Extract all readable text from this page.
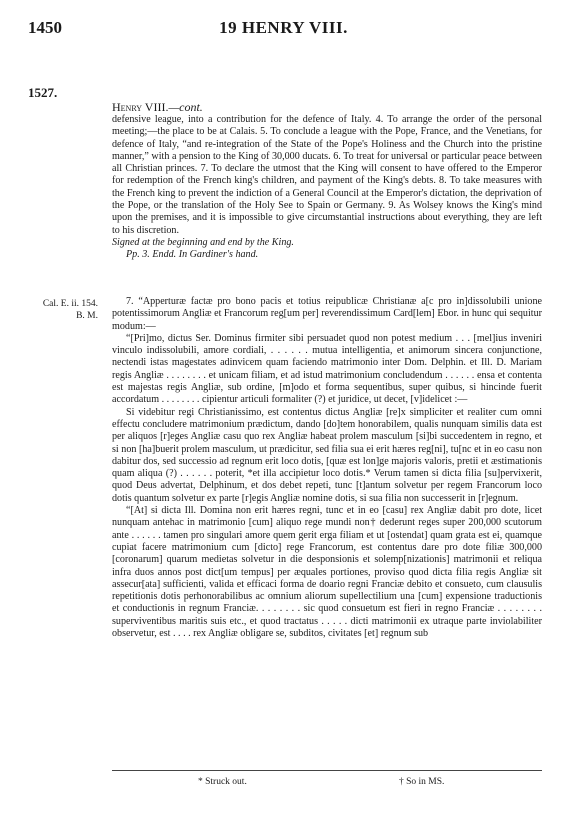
1450	19 HENRY VIII.
1527.
Henry VIII.—cont.

defensive league, into a contribution for the defence of Italy. 4. To arrange the order of the personal meeting;—the place to be at Calais. 5. To conclude a league with the Pope, France, and the Venetians, for defence of Italy, “and re-integration of the State of the Pope's Holiness and the Church into the pristine manner,” with a pension to the King of 30,000 ducats. 6. To treat for universal or particular peace between all Christian princes. 7. To declare the utmost that the King will consent to have offered to the Emperor for redemption of the French king's children, and payment of the King's debts. 8. To take measures with the French king to prevent the indiction of a General Council at the Emperor's dictation, the deprivation of the Pope, or the translation of the Holy See to Spain or Germany. 9. As Wolsey knows the King's mind upon the premises, and it is impossible to give circumstantial instructions about everything, they are left to his discretion.

Signed at the beginning and end by the King.

Pp. 3. Endd. In Gardiner's hand.

Cal. E. ii. 154.
B. M.

7. “Apperturæ factæ pro bono pacis et totius reipublicæ Christianæ a[c pro in]dissolubili unione potentissimorum Angliæ et Francorum reg[um per] reverendissimum Card[lem] Ebor. in hunc qui sequitur modum:—

“[Pri]mo, dictus Ser. Dominus firmiter sibi persuadet quod non potest medium . . . [mel]ius inveniri vinculo indissolubili, amore cordiali, . . . . . . mutua intelligentia, et animorum sincera conjunctione, nectendi istas magestates adinvicem quam faciendo matrimonio inter Dom. Delphin. et Ill. D. Mariam regis Angliæ . . . . . . . . et unicam filiam, et ad istud matrimonium concludendum . . . . . . ensa et contenta est majestas regis Angliæ, sub ordine, [m]odo et forma sequentibus, super quibus, si hincinde fuerit accordatum . . . . . . . . cipientur articuli formaliter (?) et juridice, ut decet, [v]idelicet :—

Si videbitur regi Christianissimo, est contentus dictus Angliæ [re]x simpliciter et realiter cum omni effectu concludere matrimonium prædictum, dando [do]tem honorabilem, qualis nunquam similis data est per aliquos [r]eges Angliæ casu quo rex Angliæ habeat prolem masculum [si]bi succedentem in regno, et si non [ha]buerit prolem masculum, ut prædicitur, sed filia sua ei erit hæres reg[ni], tu[nc et in eo casu non dabitur dos, sed successio ad regnum erit loco dotis, [quæ est lon]ge majoris valoris, pretii et æstimationis quam aliqua (?) . . . . . . poterit, *et illa accipietur loco dotis.* Verum tamen si dicta filia [su]pervixerit, quod Deus advertat, Delphinum, et dos debet repeti, tunc [t]antum solvetur per regem Francorum loco dotis quantum solvetur ex parte [r]egis Angliæ nomine dotis, si sua filia non successerit in [r]egnum.

“[At] si dicta Ill. Domina non erit hæres regni, tunc et in eo [casu] rex Angliæ dabit pro dote, licet nunquam antehac in matrimonio [cum] aliquo rege mundi non† dederunt reges super 200,000 scutorum ante . . . . . . tamen pro singulari amore quem gerit erga filiam et ut [ostendat] quam grata est ei, quamque cupiat facere matrimonium cum [dicto] rege Francorum, est contentus dare pro dote filiæ 300,000 [coronarum] quarum medietas solvetur in die desponsionis et solemp[nizationis] matrimonii et reliqua infra duos annos post dict[um tempus] per æquales portiones, proviso quod dicta filia regis Angliæ sit assecur[ata] sufficienti, valida et efficaci forma de doario regni Franciæ debito et consueto, cum clausulis repetitionis dotis perhonorabilibus ac omnium aliorum supellectilium una [cum] expensione traductionis et conductionis in regnum Franciæ. . . . . . . . sic quod consuetum est fieri in regno Franciæ . . . . . . . . superviventibus maritis suis etc., et quod tractatus . . . . . dicti matrimonii ex utraque parte inviolabiliter observetur, est . . . . rex Angliæ obligare se, subditos, civitates [et] regnum sub

* Struck out.	† So in MS.
